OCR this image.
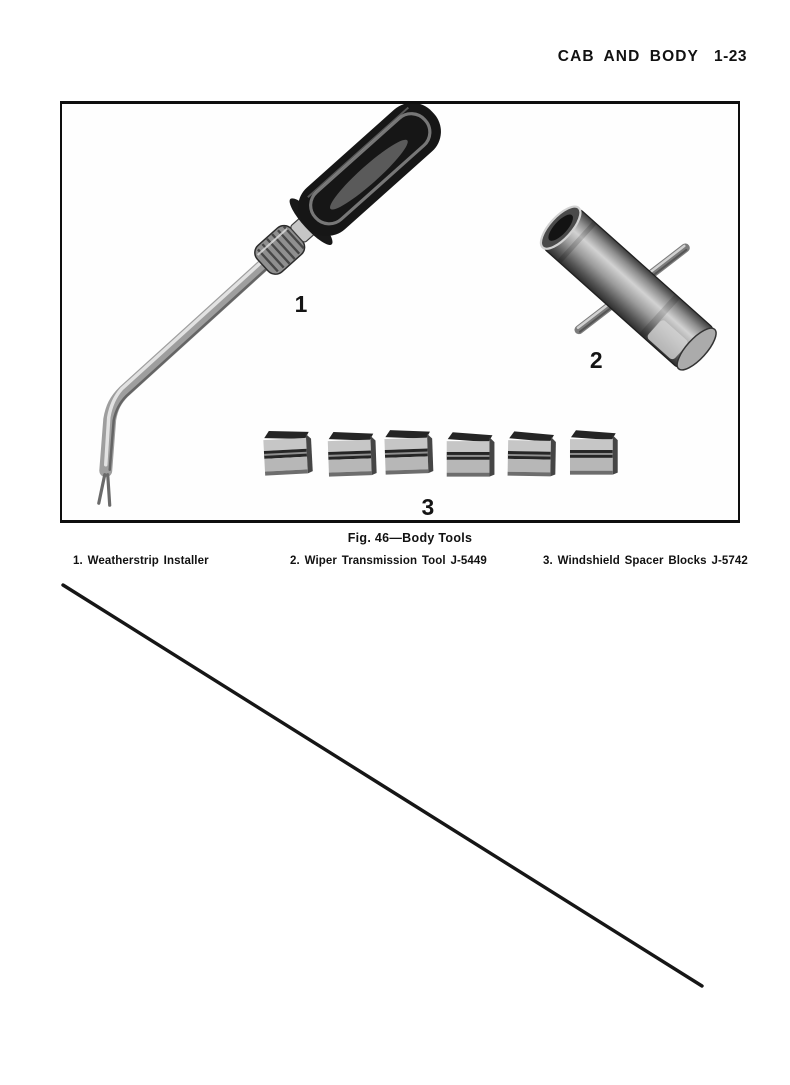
CAB AND BODY 1-23
1
2
3
Fig. 46—Body Tools
1. Weatherstrip Installer	2. Wiper Transmission Tool J-5449	3. Windshield Spacer Blocks J-5742
